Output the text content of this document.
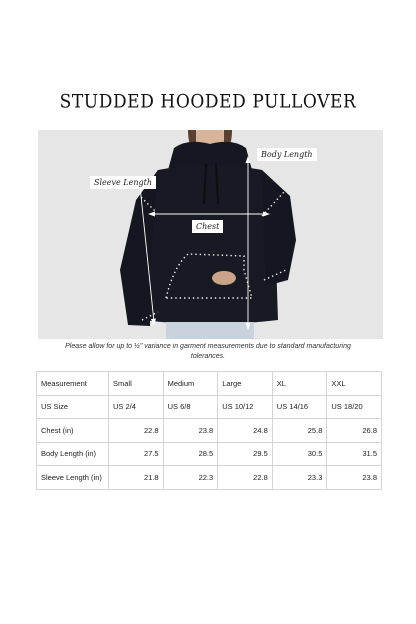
STUDDED HOODED PULLOVER
Body Length
Sleeve Length
Chest
Please allow for up to ½" variance in garment measurements due to standard manufacturing tolerances.
Measurement	Small	Medium	Large	XL	XXL
US Size	US 2/4	US 6/8	US 10/12	US 14/16	US 18/20
Chest (in)	22.8	23.8	24.8	25.8	26.8
Body Length (in)	27.5	28.5	29.5	30.5	31.5
Sleeve Length (in)	21.8	22.3	22.8	23.3	23.8
